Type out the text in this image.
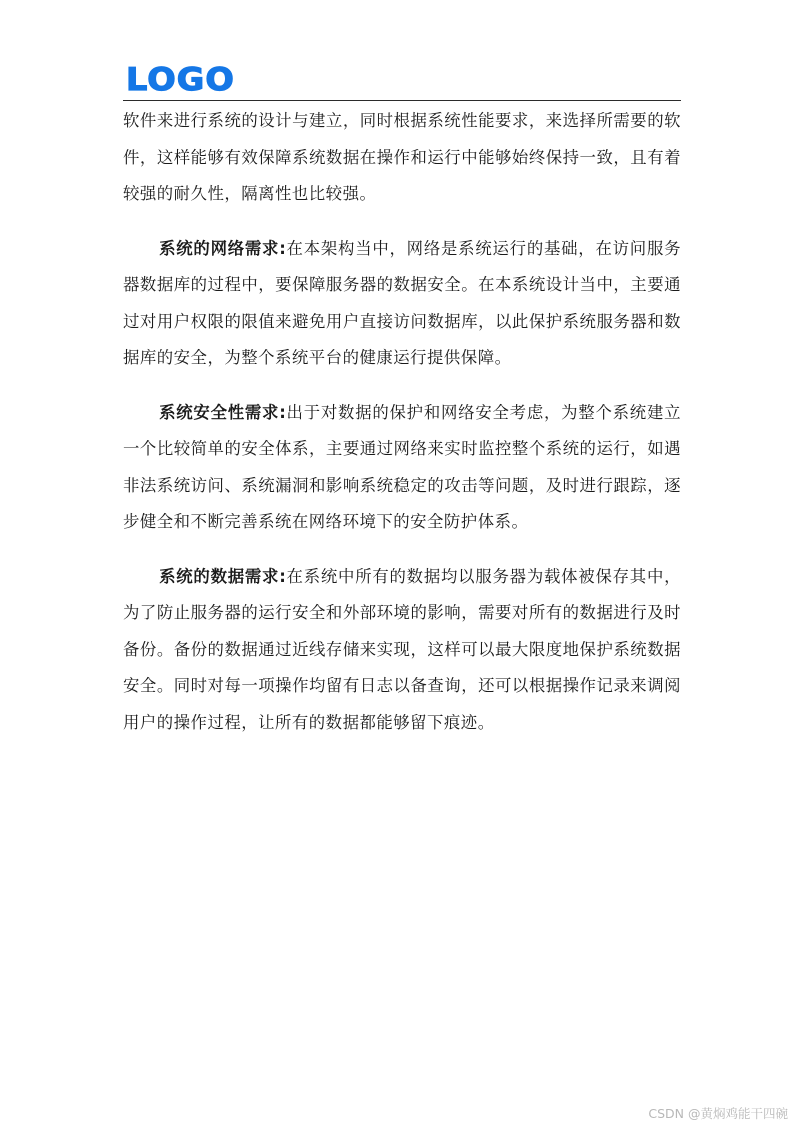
LOGO

软件来进行系统的设计与建立，同时根据系统性能要求，来选择所需要的软件，这样能够有效保障系统数据在操作和运行中能够始终保持一致，且有着较强的耐久性，隔离性也比较强。

系统的网络需求:在本架构当中，网络是系统运行的基础，在访问服务器数据库的过程中，要保障服务器的数据安全。在本系统设计当中，主要通过对用户权限的限值来避免用户直接访问数据库，以此保护系统服务器和数据库的安全，为整个系统平台的健康运行提供保障。

系统安全性需求:出于对数据的保护和网络安全考虑，为整个系统建立一个比较简单的安全体系，主要通过网络来实时监控整个系统的运行，如遇非法系统访问、系统漏洞和影响系统稳定的攻击等问题，及时进行跟踪，逐步健全和不断完善系统在网络环境下的安全防护体系。

系统的数据需求:在系统中所有的数据均以服务器为载体被保存其中，为了防止服务器的运行安全和外部环境的影响，需要对所有的数据进行及时备份。备份的数据通过近线存储来实现，这样可以最大限度地保护系统数据安全。同时对每一项操作均留有日志以备查询，还可以根据操作记录来调阅用户的操作过程，让所有的数据都能够留下痕迹。

CSDN @黄焖鸡能干四碗
